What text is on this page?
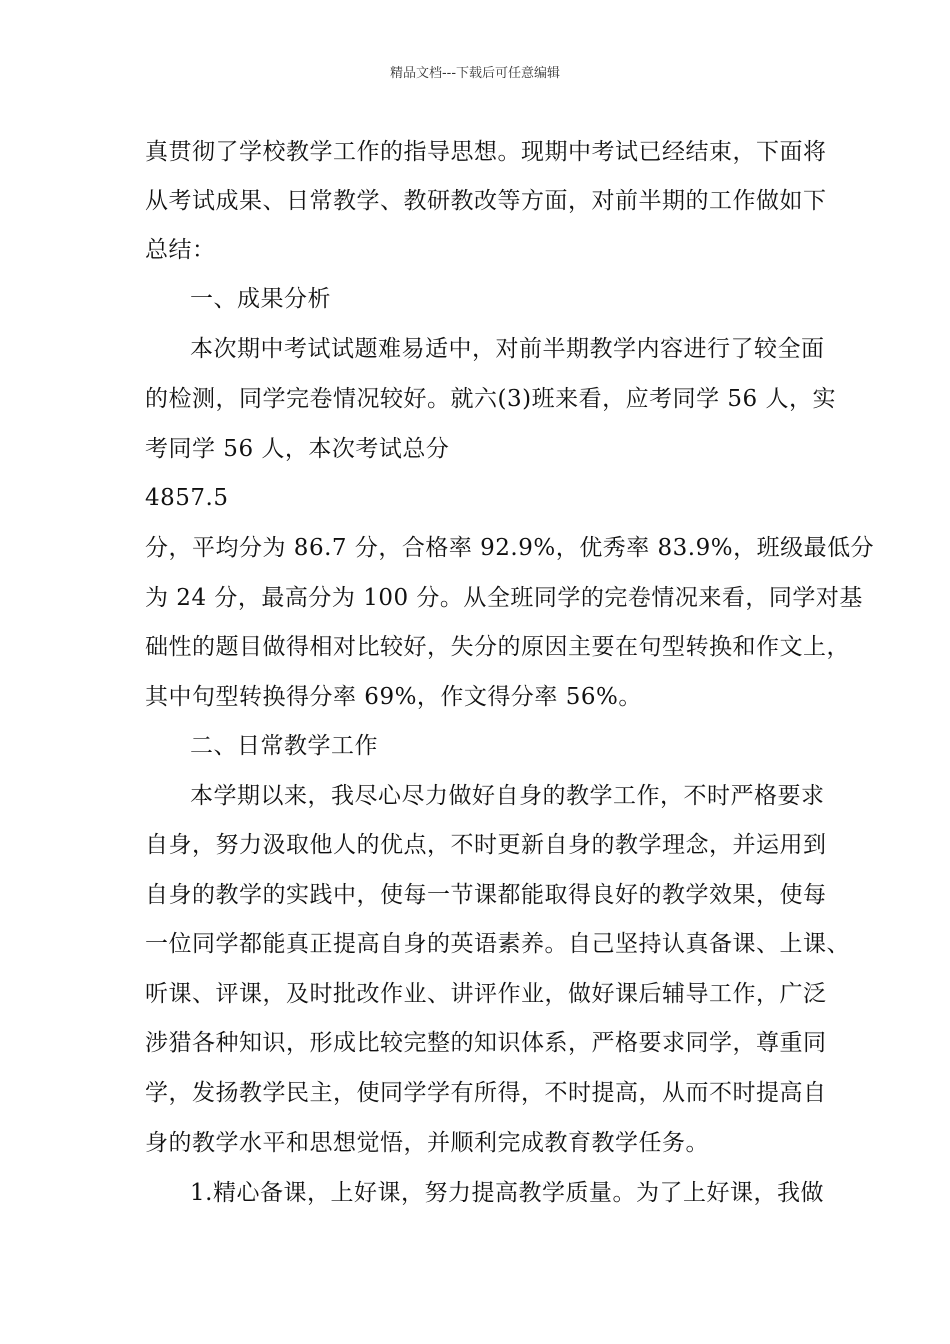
精品文档---下载后可任意编辑
真贯彻了学校教学工作的指导思想。现期中考试已经结束，下面将
从考试成果、日常教学、教研教改等方面，对前半期的工作做如下
总结：
一、成果分析
本次期中考试试题难易适中，对前半期教学内容进行了较全面
的检测，同学完卷情况较好。就六(3)班来看，应考同学 56 人，实
考同学 56 人，本次考试总分
4857.5
分，平均分为 86.7 分，合格率 92.9%，优秀率 83.9%，班级最低分
为 24 分，最高分为 100 分。从全班同学的完卷情况来看，同学对基
础性的题目做得相对比较好，失分的原因主要在句型转换和作文上，
其中句型转换得分率 69%，作文得分率 56%。
二、日常教学工作
本学期以来，我尽心尽力做好自身的教学工作，不时严格要求
自身，努力汲取他人的优点，不时更新自身的教学理念，并运用到
自身的教学的实践中，使每一节课都能取得良好的教学效果，使每
一位同学都能真正提高自身的英语素养。自己坚持认真备课、上课、
听课、评课，及时批改作业、讲评作业，做好课后辅导工作，广泛
涉猎各种知识，形成比较完整的知识体系，严格要求同学，尊重同
学，发扬教学民主，使同学学有所得，不时提高，从而不时提高自
身的教学水平和思想觉悟，并顺利完成教育教学任务。
1.精心备课，上好课，努力提高教学质量。为了上好课，我做
